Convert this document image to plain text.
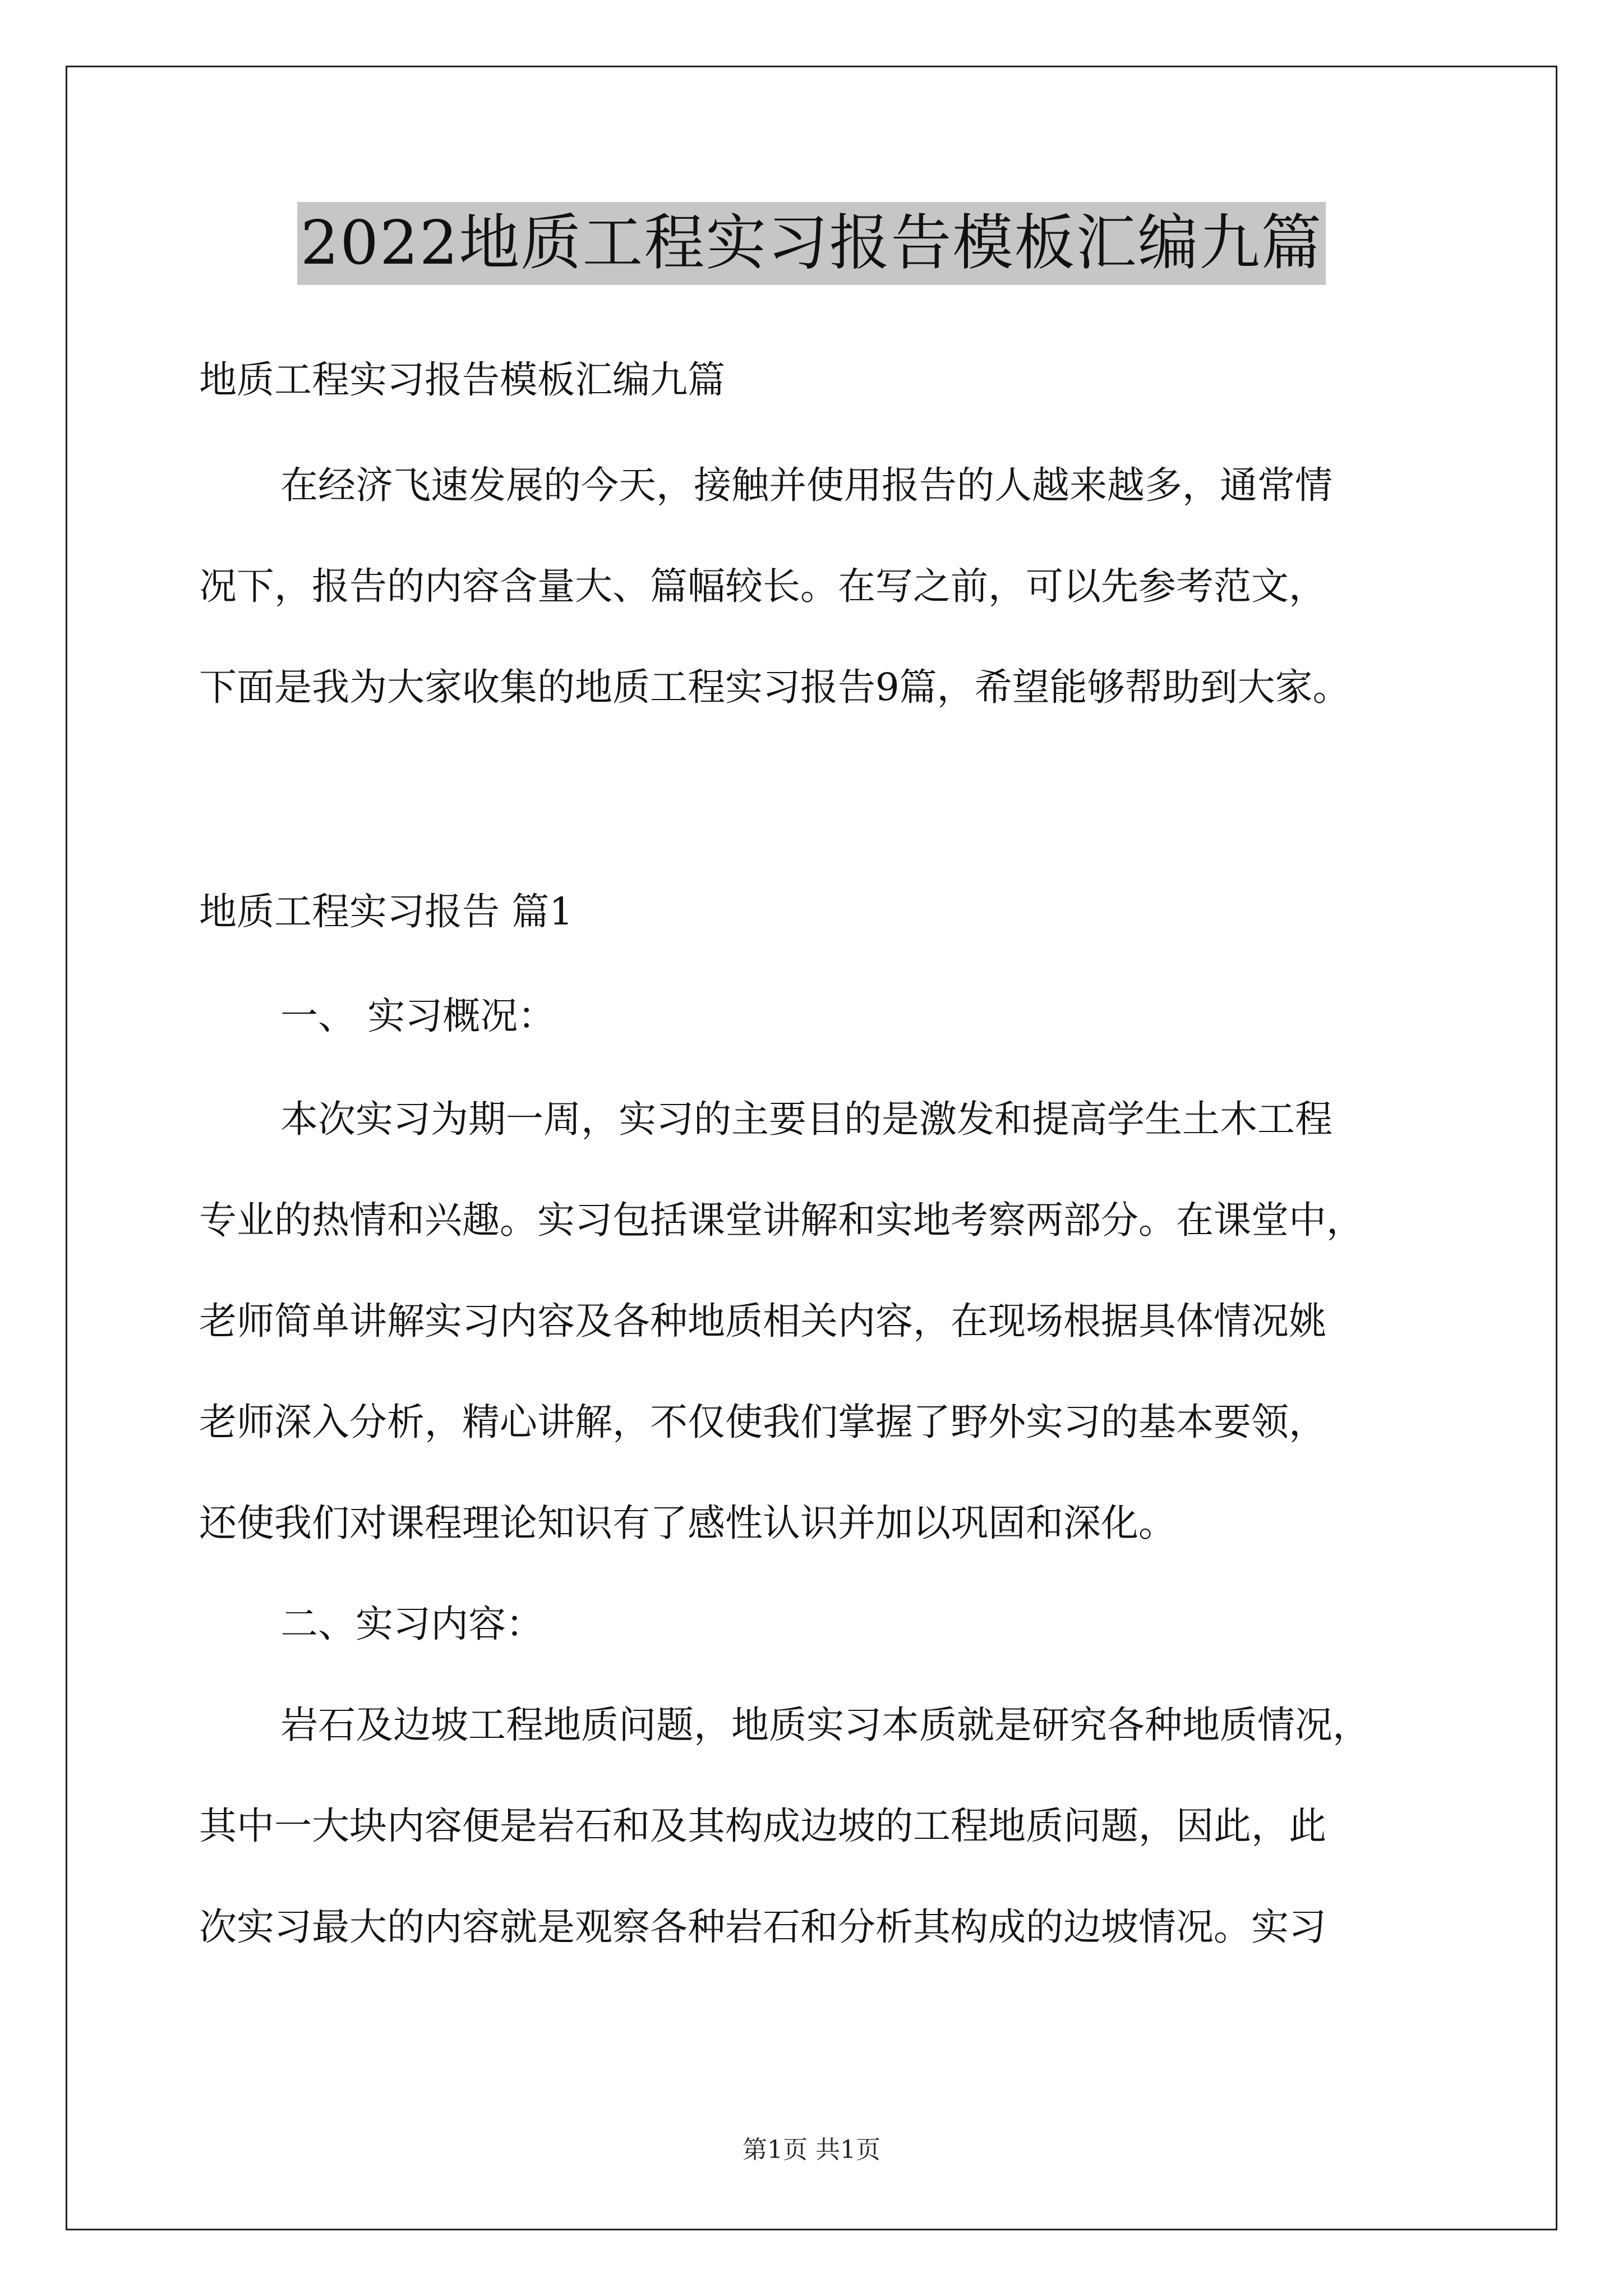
2022地质工程实习报告模板汇编九篇
地质工程实习报告模板汇编九篇
在经济飞速发展的今天，接触并使用报告的人越来越多，通常情
况下，报告的内容含量大、篇幅较长。在写之前，可以先参考范文，
下面是我为大家收集的地质工程实习报告9篇，希望能够帮助到大家。
地质工程实习报告 篇1
一、 实习概况：
本次实习为期一周，实习的主要目的是激发和提高学生土木工程
专业的热情和兴趣。实习包括课堂讲解和实地考察两部分。在课堂中，
老师简单讲解实习内容及各种地质相关内容，在现场根据具体情况姚
老师深入分析，精心讲解，不仅使我们掌握了野外实习的基本要领，
还使我们对课程理论知识有了感性认识并加以巩固和深化。
二、实习内容：
岩石及边坡工程地质问题，地质实习本质就是研究各种地质情况，
其中一大块内容便是岩石和及其构成边坡的工程地质问题，因此，此
次实习最大的内容就是观察各种岩石和分析其构成的边坡情况。实习
第1页 共1页
